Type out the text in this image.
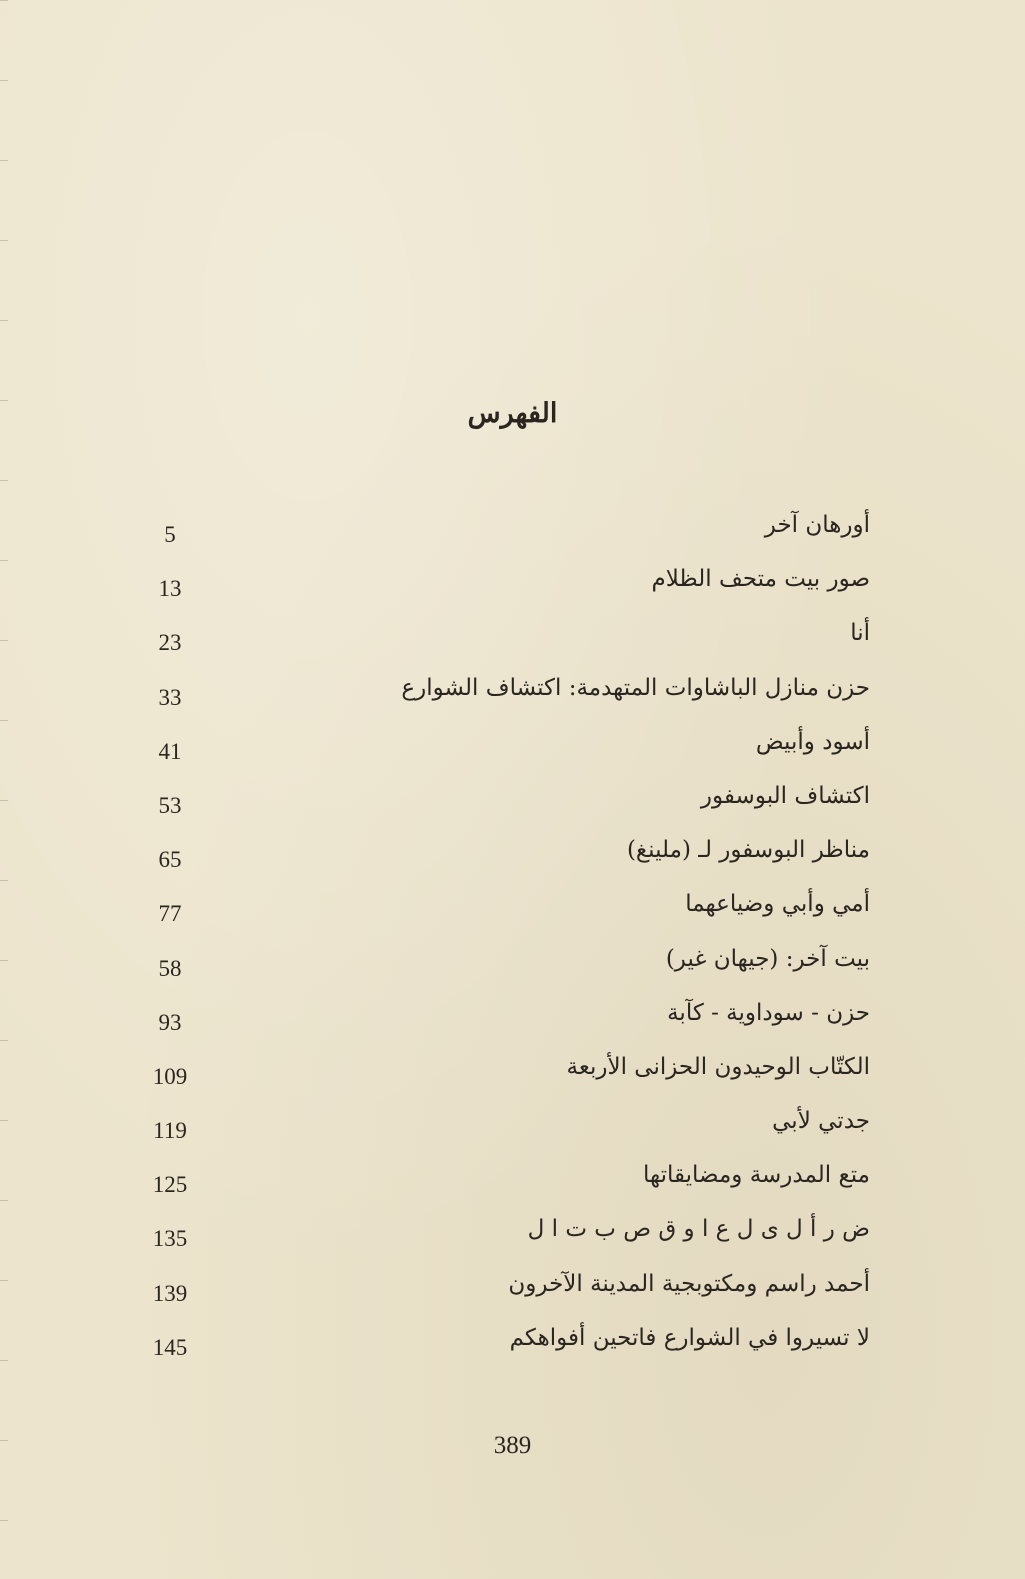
الفهرس
أورهان آخر
5
صور بيت متحف الظلام
13
أنا
23
حزن منازل الباشاوات المتهدمة: اكتشاف الشوارع
33
أسود وأبيض
41
اكتشاف البوسفور
53
مناظر البوسفور لـ (ملينغ)
65
أمي وأبي وضياعهما
77
بيت آخر: (جيهان غير)
58
حزن - سوداوية - كآبة
93
الكتّاب الوحيدون الحزانى الأربعة
109
جدتي لأبي
119
متع المدرسة ومضايقاتها
125
ض ر أ ل ى ل ع ا و ق ص ب ت ا ل
135
أحمد راسم ومكتوبجية المدينة الآخرون
139
لا تسيروا في الشوارع فاتحين أفواهكم
145
389
